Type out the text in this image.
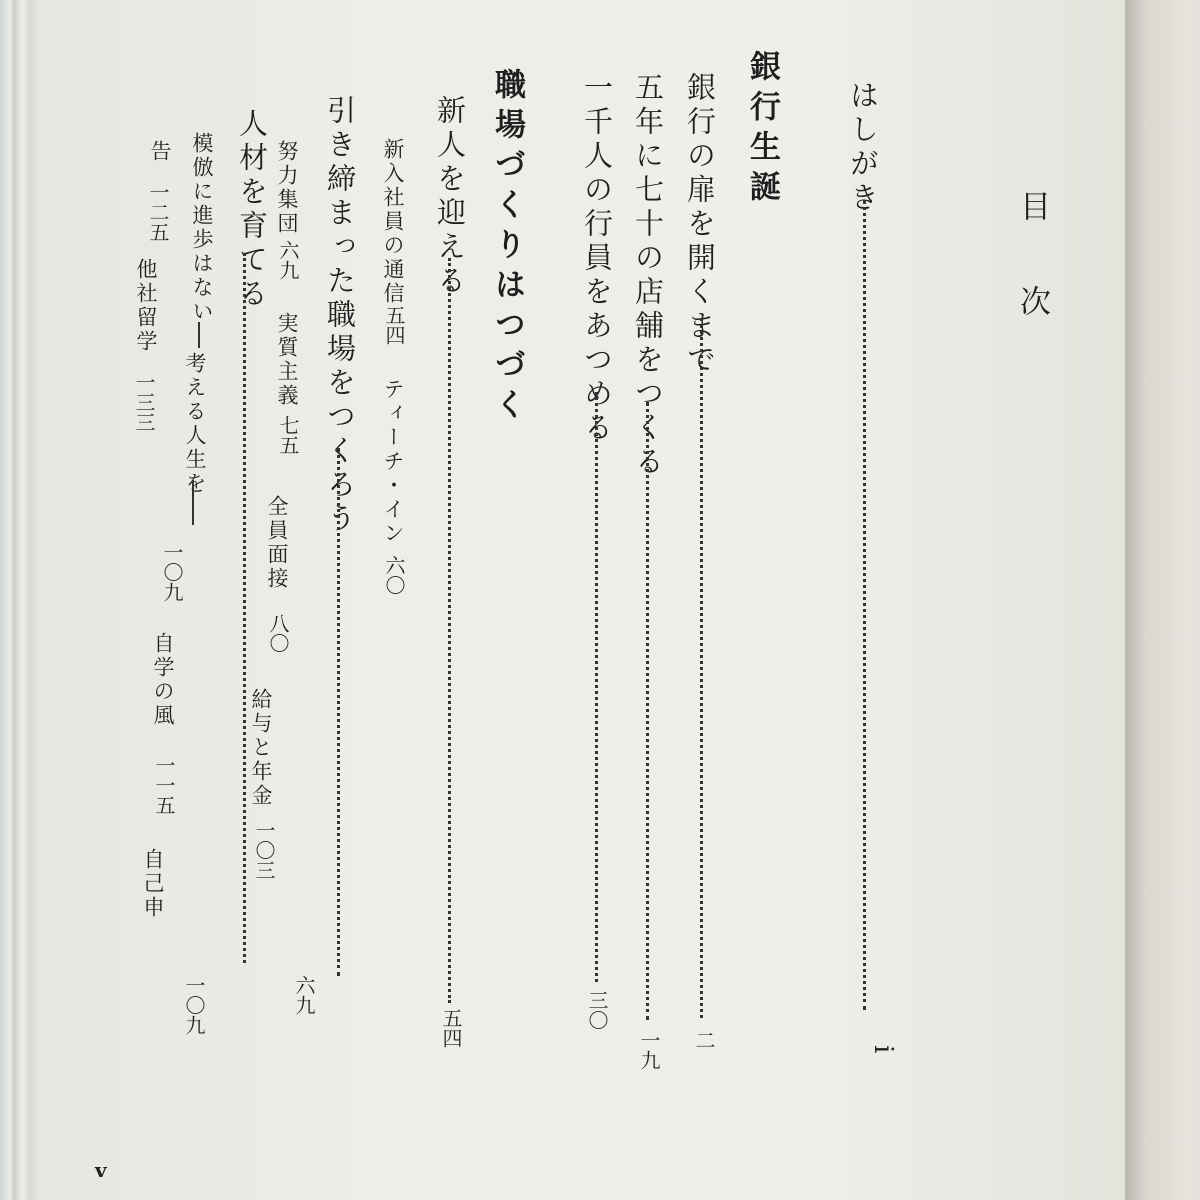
目
次
はしがき
i
銀行生誕
銀行の扉を開くまで
二
五年に七十の店舗をつくる
一九
一千人の行員をあつめる
三〇
職場づくりはつづく
新人を迎える
五四
新入社員の通信
五四
ティーチ・イン
六〇
引き締まった職場をつくろう
六九
努力集団
六九
実質主義
七五
全員面接
八〇
給与と年金
一〇三
人材を育てる
一〇九
模倣に進歩はない
考える人生を
一〇九
自学の風
一一五
自己申
告
一二五
他社留学
一三三
v
